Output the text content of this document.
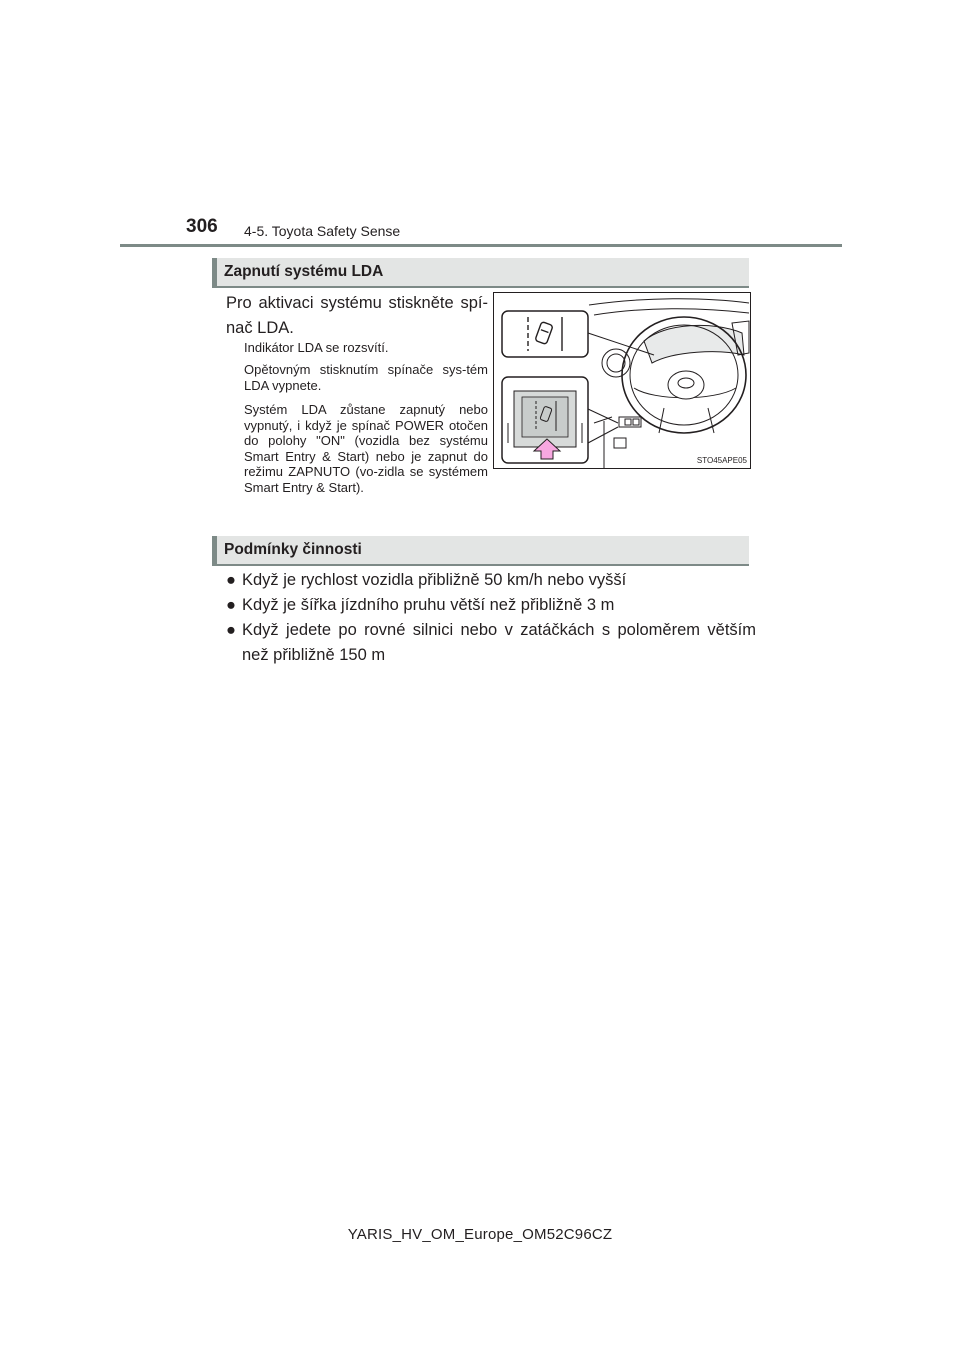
306 4-5. Toyota Safety Sense
Zapnutí systému LDA
Pro aktivaci systému stiskněte spí-nač LDA.
Indikátor LDA se rozsvítí.
Opětovným stisknutím spínače sys-tém LDA vypnete.
Systém LDA zůstane zapnutý nebo vypnutý, i když je spínač POWER otočen do polohy "ON" (vozidla bez systému Smart Entry & Start) nebo je zapnut do režimu ZAPNUTO (vo-zidla se systémem Smart Entry & Start).
STO45APE05
Podmínky činnosti
● Když je rychlost vozidla přibližně 50 km/h nebo vyšší
● Když je šířka jízdního pruhu větší než přibližně 3 m
● Když jedete po rovné silnici nebo v zatáčkách s poloměrem větším než přibližně 150 m
YARIS_HV_OM_Europe_OM52C96CZ
